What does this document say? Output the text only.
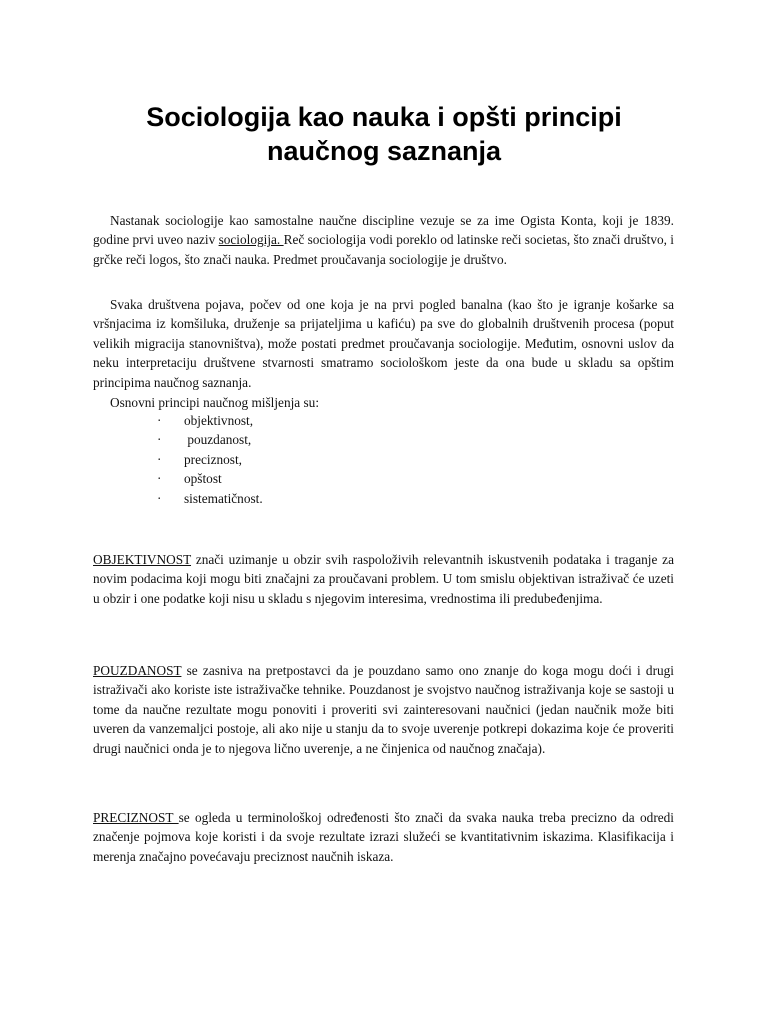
Sociologija kao nauka i opšti principi
naučnog saznanja

Nastanak sociologije kao samostalne naučne discipline vezuje se za ime Ogista Konta, koji je 1839. godine prvi uveo naziv sociologija. Reč sociologija vodi poreklo od latinske reči societas, što znači društvo, i grčke reči logos, što znači nauka. Predmet proučavanja sociologije je društvo.

Svaka društvena pojava, počev od one koja je na prvi pogled banalna (kao što je igranje košarke sa vršnjacima iz komšiluka, druženje sa prijateljima u kafiću) pa sve do globalnih društvenih procesa (poput velikih migracija stanovništva), može postati predmet proučavanja sociologije. Međutim, osnovni uslov da neku interpretaciju društvene stvarnosti smatramo sociološkom jeste da ona bude u skladu sa opštim principima naučnog saznanja.

Osnovni principi naučnog mišljenja su:

· objektivnost,
· pouzdanost,
· preciznost,
· opštost
· sistematičnost.

OBJEKTIVNOST znači uzimanje u obzir svih raspoloživih relevantnih iskustvenih podataka i traganje za novim podacima koji mogu biti značajni za proučavani problem. U tom smislu objektivan istraživač će uzeti u obzir i one podatke koji nisu u skladu s njegovim interesima, vrednostima ili predubeđenjima.

POUZDANOST se zasniva na pretpostavci da je pouzdano samo ono znanje do koga mogu doći i drugi istraživači ako koriste iste istraživačke tehnike. Pouzdanost je svojstvo naučnog istraživanja koje se sastoji u tome da naučne rezultate mogu ponoviti i proveriti svi zainteresovani naučnici (jedan naučnik može biti uveren da vanzemaljci postoje, ali ako nije u stanju da to svoje uverenje potkrepi dokazima koje će proveriti drugi naučnici onda je to njegova lično uverenje, a ne činjenica od naučnog značaja).

PRECIZNOST se ogleda u terminološkoj određenosti što znači da svaka nauka treba precizno da odredi značenje pojmova koje koristi i da svoje rezultate izrazi služeći se kvantitativnim iskazima. Klasifikacija i merenja značajno povećavaju preciznost naučnih iskaza.
